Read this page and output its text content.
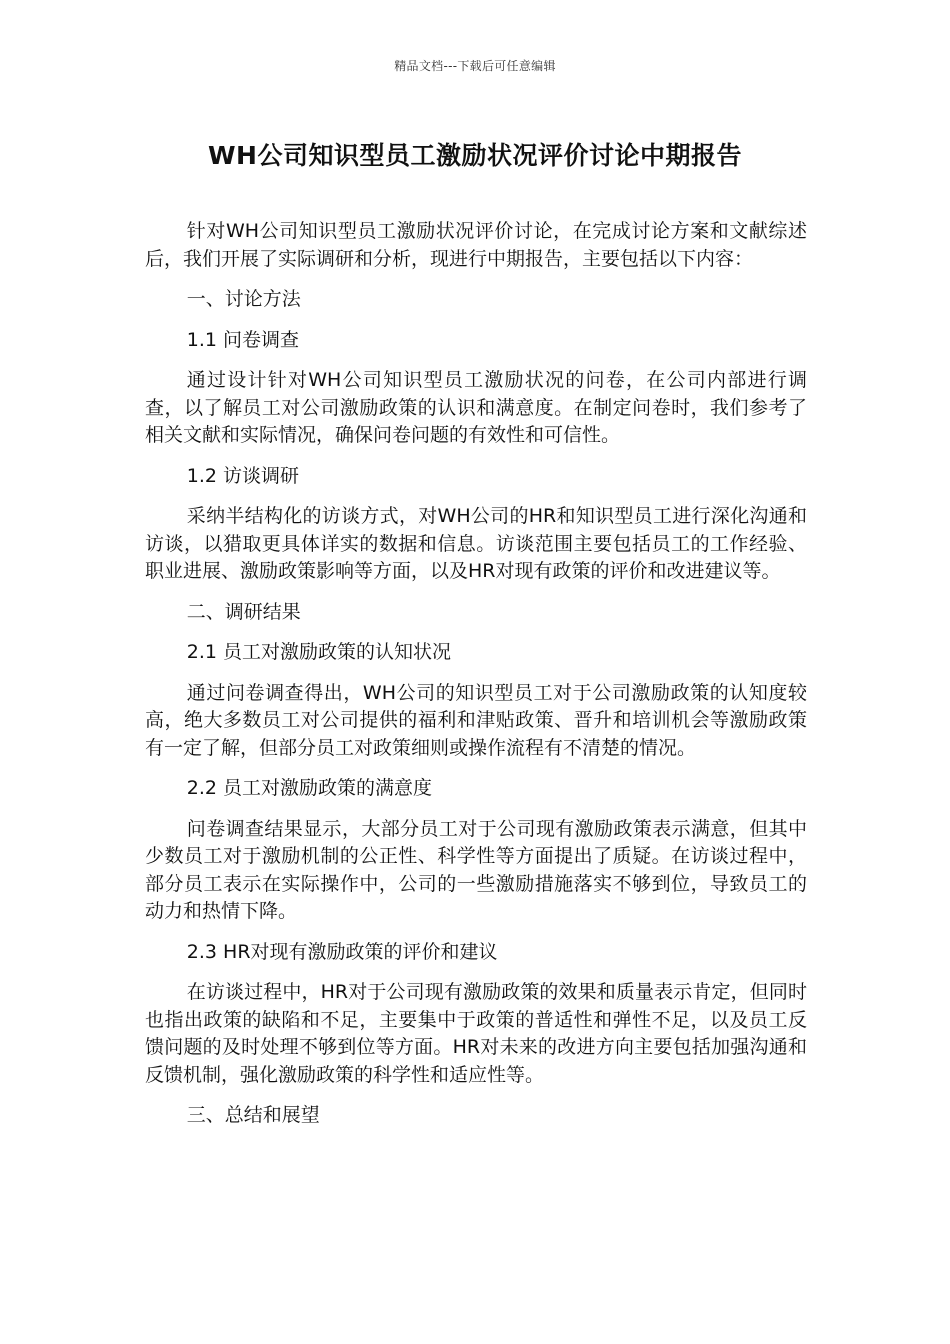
精品文档---下载后可任意编辑
WH公司知识型员工激励状况评价讨论中期报告

针对WH公司知识型员工激励状况评价讨论，在完成讨论方案和文献综述后，我们开展了实际调研和分析，现进行中期报告，主要包括以下内容：

一、讨论方法

1.1 问卷调查

通过设计针对WH公司知识型员工激励状况的问卷，在公司内部进行调查，以了解员工对公司激励政策的认识和满意度。在制定问卷时，我们参考了相关文献和实际情况，确保问卷问题的有效性和可信性。

1.2 访谈调研

采纳半结构化的访谈方式，对WH公司的HR和知识型员工进行深化沟通和访谈，以猎取更具体详实的数据和信息。访谈范围主要包括员工的工作经验、职业进展、激励政策影响等方面，以及HR对现有政策的评价和改进建议等。

二、调研结果

2.1 员工对激励政策的认知状况

通过问卷调查得出，WH公司的知识型员工对于公司激励政策的认知度较高，绝大多数员工对公司提供的福利和津贴政策、晋升和培训机会等激励政策有一定了解，但部分员工对政策细则或操作流程有不清楚的情况。

2.2 员工对激励政策的满意度

问卷调查结果显示，大部分员工对于公司现有激励政策表示满意，但其中少数员工对于激励机制的公正性、科学性等方面提出了质疑。在访谈过程中，部分员工表示在实际操作中，公司的一些激励措施落实不够到位，导致员工的动力和热情下降。

2.3 HR对现有激励政策的评价和建议

在访谈过程中，HR对于公司现有激励政策的效果和质量表示肯定，但同时也指出政策的缺陷和不足，主要集中于政策的普适性和弹性不足，以及员工反馈问题的及时处理不够到位等方面。HR对未来的改进方向主要包括加强沟通和反馈机制，强化激励政策的科学性和适应性等。

三、总结和展望
